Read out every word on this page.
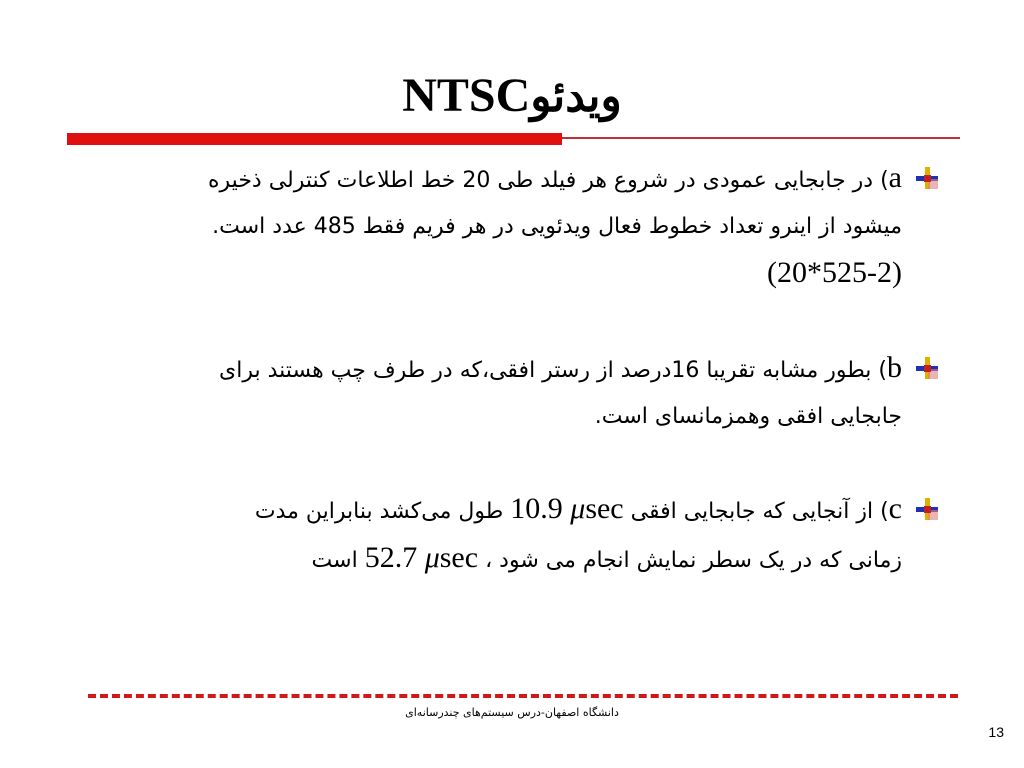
ویدئوNTSC
a) در جابجایی عمودی در شروع هر فیلد طی 20 خط اطلاعات کنترلی ذخیره
میشود از اینرو تعداد خطوط فعال ویدئویی در هر فریم فقط 485 عدد است.
(525-2*20)
b) بطور مشابه تقریبا 16درصد از رستر افقی،که در طرف چپ هستند برای
جابجایی افقی وهمزمانسای است.
c) از آنجایی که جابجایی افقی 10.9 μsec طول می‌کشد بنابراین مدت
زمانی که در یک سطر نمایش انجام می شود ، 52.7 μsec است
دانشگاه اصفهان-درس سیستم‌های چندرسانه‌ای
13
